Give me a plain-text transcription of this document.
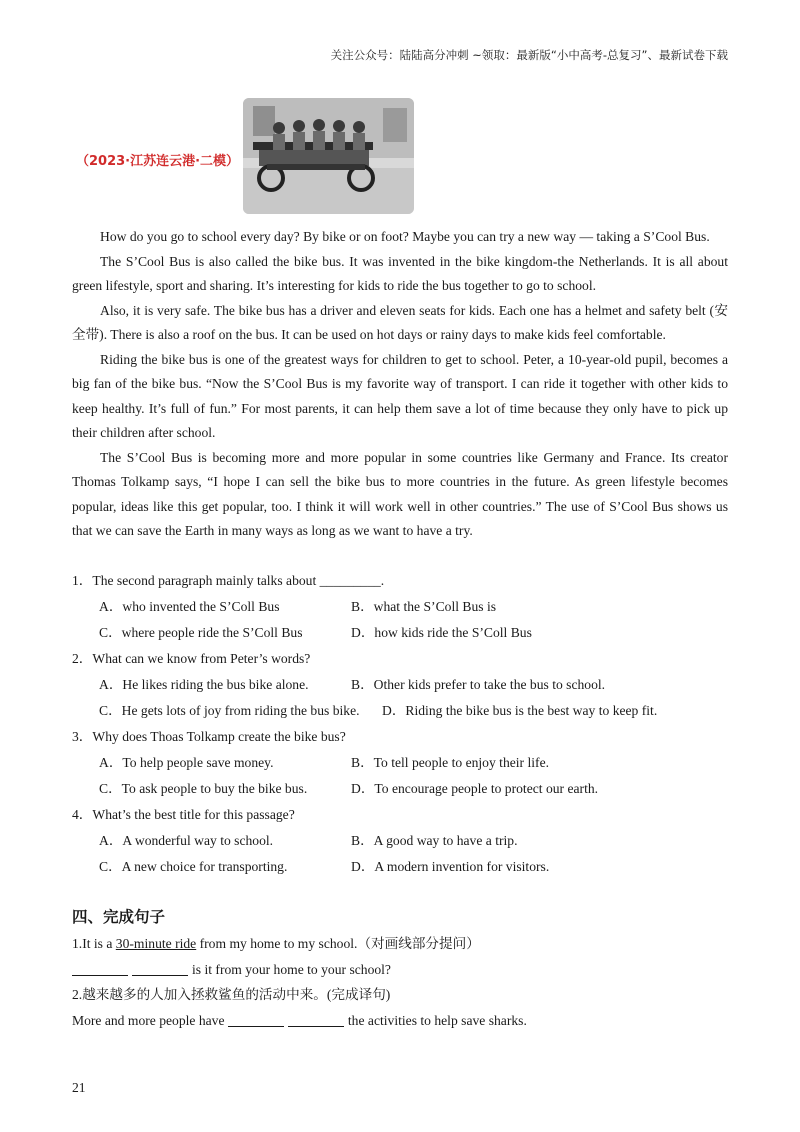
关注公众号：陆陆高分冲刺 ~领取：最新版“小中高考-总复习”、最新试卷下载
（2023·江苏连云港·二模）

How do you go to school every day? By bike or on foot? Maybe you can try a new way — taking a S’Cool Bus.

The S’Cool Bus is also called the bike bus. It was invented in the bike kingdom-the Netherlands. It is all about green lifestyle, sport and sharing. It’s interesting for kids to ride the bus together to go to school.

Also, it is very safe. The bike bus has a driver and eleven seats for kids. Each one has a helmet and safety belt (安全带). There is also a roof on the bus. It can be used on hot days or rainy days to make kids feel comfortable.

Riding the bike bus is one of the greatest ways for children to get to school. Peter, a 10-year-old pupil, becomes a big fan of the bike bus. “Now the S’Cool Bus is my favorite way of transport. I can ride it together with other kids to keep healthy. It’s full of fun.” For most parents, it can help them save a lot of time because they only have to pick up their children after school.

The S’Cool Bus is becoming more and more popular in some countries like Germany and France. Its creator Thomas Tolkamp says, “I hope I can sell the bike bus to more countries in the future. As green lifestyle becomes popular, ideas like this get popular, too. I think it will work well in other countries.” The use of S’Cool Bus shows us that we can save the Earth in many ways as long as we want to have a try.

1．The second paragraph mainly talks about _________.
A．who invented the S’Coll Bus	B．what the S’Coll Bus is
C．where people ride the S’Coll Bus	D．how kids ride the S’Coll Bus
2．What can we know from Peter’s words?
A．He likes riding the bus bike alone.	B．Other kids prefer to take the bus to school.
C．He gets lots of joy from riding the bus bike. D．Riding the bike bus is the best way to keep fit.
3．Why does Thoas Tolkamp create the bike bus?
A．To help people save money.	B．To tell people to enjoy their life.
C．To ask people to buy the bike bus.	D．To encourage people to protect our earth.
4．What’s the best title for this passage?
A．A wonderful way to school.	B．A good way to have a trip.
C．A new choice for transporting.	D．A modern invention for visitors.
四、完成句子
1.It is a 30-minute ride from my home to my school.（对画线部分提问）
is it from your home to your school?
2.越来越多的人加入拯救鲨鱼的活动中来。(完成译句)
More and more people have	the activities to help save sharks.
21
